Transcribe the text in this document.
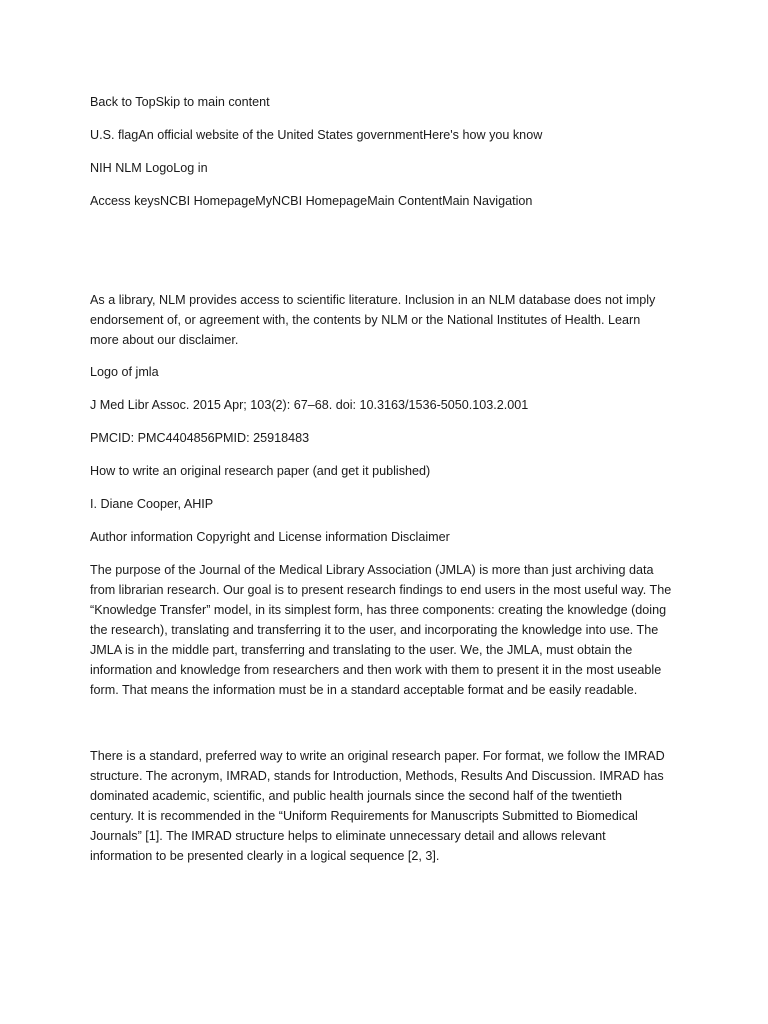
Back to TopSkip to main content
U.S. flagAn official website of the United States governmentHere's how you know
NIH NLM LogoLog in
Access keysNCBI HomepageMyNCBI HomepageMain ContentMain Navigation
As a library, NLM provides access to scientific literature. Inclusion in an NLM database does not imply
endorsement of, or agreement with, the contents by NLM or the National Institutes of Health. Learn
more about our disclaimer.
Logo of jmla
J Med Libr Assoc. 2015 Apr; 103(2): 67–68. doi: 10.3163/1536-5050.103.2.001
PMCID: PMC4404856PMID: 25918483
How to write an original research paper (and get it published)
I. Diane Cooper, AHIP
Author information Copyright and License information Disclaimer
The purpose of the Journal of the Medical Library Association (JMLA) is more than just archiving data
from librarian research. Our goal is to present research findings to end users in the most useful way. The
“Knowledge Transfer” model, in its simplest form, has three components: creating the knowledge (doing
the research), translating and transferring it to the user, and incorporating the knowledge into use. The
JMLA is in the middle part, transferring and translating to the user. We, the JMLA, must obtain the
information and knowledge from researchers and then work with them to present it in the most useable
form. That means the information must be in a standard acceptable format and be easily readable.
There is a standard, preferred way to write an original research paper. For format, we follow the IMRAD
structure. The acronym, IMRAD, stands for Introduction, Methods, Results And Discussion. IMRAD has
dominated academic, scientific, and public health journals since the second half of the twentieth
century. It is recommended in the “Uniform Requirements for Manuscripts Submitted to Biomedical
Journals” [1]. The IMRAD structure helps to eliminate unnecessary detail and allows relevant
information to be presented clearly in a logical sequence [2, 3].
